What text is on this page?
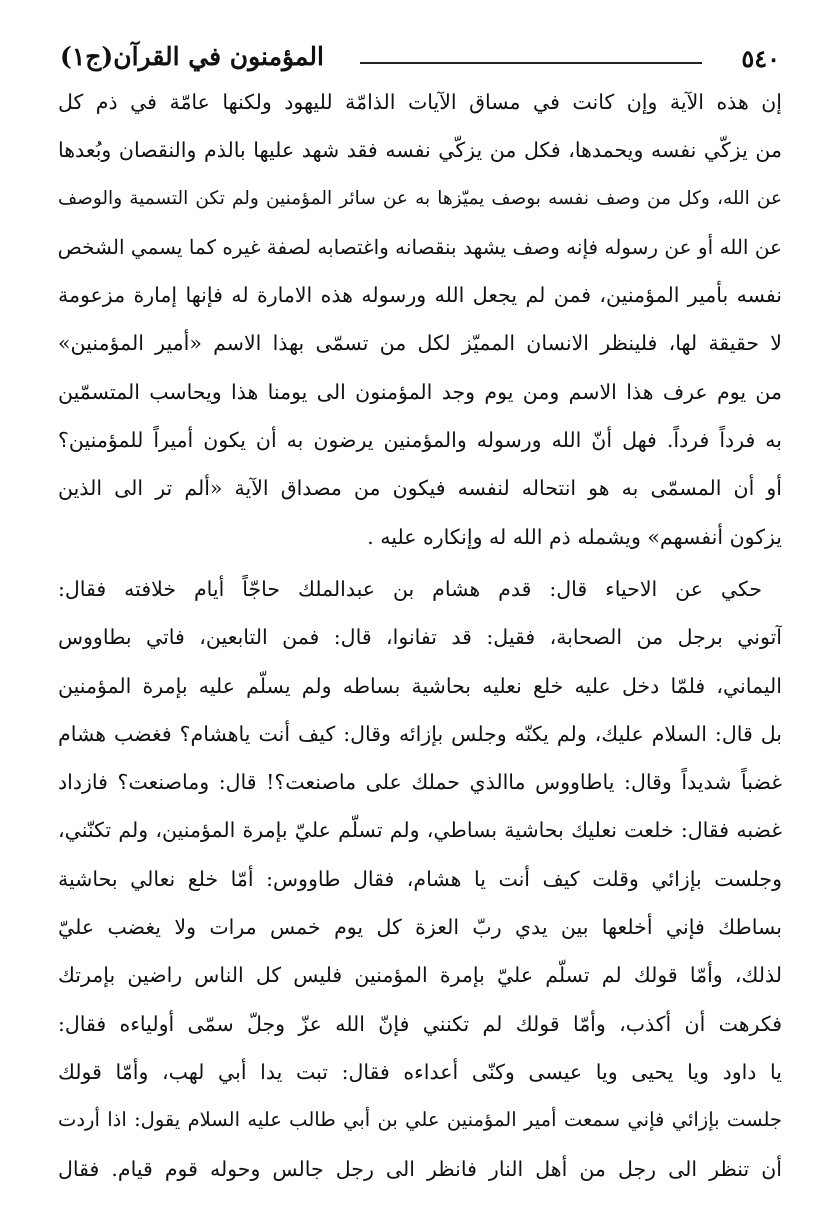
٥٤٠
المؤمنون في القرآن(ج١)
إن هذه الآية وإن كانت في مساق الآيات الذامّة لليهود ولكنها عامّة في ذم كل
من يزكّي نفسه ويحمدها، فكل من يزكّي نفسه فقد شهد عليها بالذم والنقصان وبُعدها
عن الله، وكل من وصف نفسه بوصف يميّزها به عن سائر المؤمنين ولم تكن التسمية والوصف
عن الله أو عن رسوله فإنه وصف يشهد بنقصانه واغتصابه لصفة غيره كما يسمي الشخص
نفسه بأمير المؤمنين، فمن لم يجعل الله ورسوله هذه الامارة له فإنها إمارة مزعومة
لا حقيقة لها، فلينظر الانسان المميّز لكل من تسمّى بهذا الاسم «أمير المؤمنين»
من يوم عرف هذا الاسم ومن يوم وجد المؤمنون الى يومنا هذا ويحاسب المتسمّين
به فرداً فرداً. فهل أنّ الله ورسوله والمؤمنين يرضون به أن يكون أميراً للمؤمنين؟
أو أن المسمّى به هو انتحاله لنفسه فيكون من مصداق الآية «ألم تر الى الذين
يزكون أنفسهم» ويشمله ذم الله له وإنكاره عليه .
حكي عن الاحياء قال: قدم هشام بن عبدالملك حاجّاً أيام خلافته فقال:
آتوني برجل من الصحابة، فقيل: قد تفانوا، قال: فمن التابعين، فاتي بطاووس
اليماني، فلمّا دخل عليه خلع نعليه بحاشية بساطه ولم يسلّم عليه بإمرة المؤمنين
بل قال: السلام عليك، ولم يكنّه وجلس بإزائه وقال: كيف أنت ياهشام؟ فغضب هشام
غضباً شديداً وقال: ياطاووس ماالذي حملك على ماصنعت؟! قال: وماصنعت؟ فازداد
غضبه فقال: خلعت نعليك بحاشية بساطي، ولم تسلّم عليّ بإمرة المؤمنين، ولم تكنّني،
وجلست بإزائي وقلت كيف أنت يا هشام، فقال طاووس: أمّا خلع نعالي بحاشية
بساطك فإني أخلعها بين يدي ربّ العزة كل يوم خمس مرات ولا يغضب عليّ
لذلك، وأمّا قولك لم تسلّم عليّ بإمرة المؤمنين فليس كل الناس راضين بإمرتك
فكرهت أن أكذب، وأمّا قولك لم تكنني فإنّ الله عزّ وجلّ سمّى أولياءه فقال:
يا داود ويا يحيى ويا عيسى وكنّى أعداءه فقال: تبت يدا أبي لهب، وأمّا قولك
جلست بإزائي فإني سمعت أمير المؤمنين علي بن أبي طالب عليه السلام يقول: اذا أردت
أن تنظر الى رجل من أهل النار فانظر الى رجل جالس وحوله قوم قيام. فقال
